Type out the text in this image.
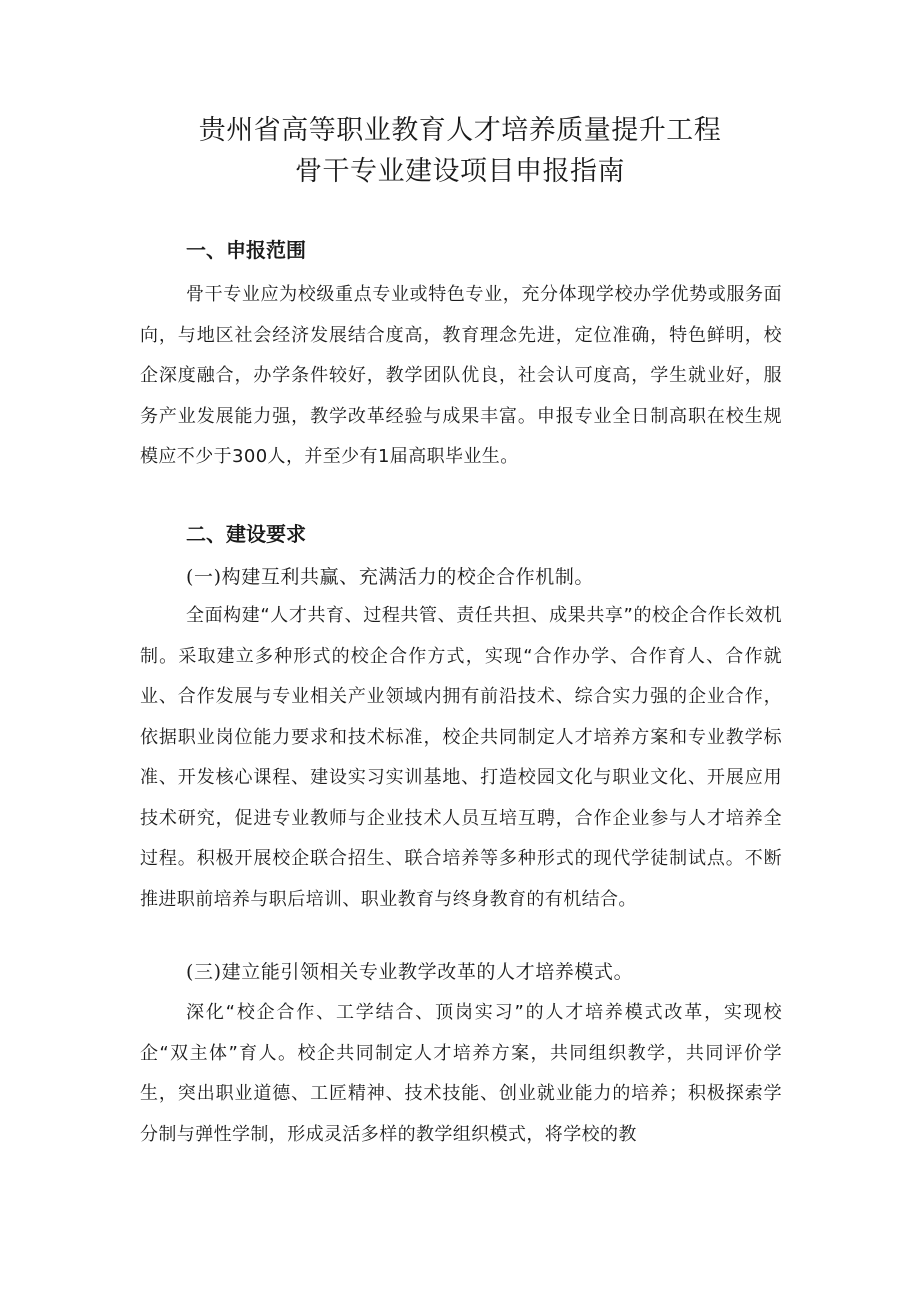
贵州省高等职业教育人才培养质量提升工程
骨干专业建设项目申报指南
一、申报范围

骨干专业应为校级重点专业或特色专业，充分体现学校办学优势或服务面向，与地区社会经济发展结合度高，教育理念先进，定位准确，特色鲜明，校企深度融合，办学条件较好，教学团队优良，社会认可度高，学生就业好，服务产业发展能力强，教学改革经验与成果丰富。申报专业全日制高职在校生规模应不少于300人，并至少有1届高职毕业生。

二、建设要求
(一)构建互利共赢、充满活力的校企合作机制。

全面构建“人才共育、过程共管、责任共担、成果共享”的校企合作长效机制。采取建立多种形式的校企合作方式，实现“合作办学、合作育人、合作就业、合作发展与专业相关产业领域内拥有前沿技术、综合实力强的企业合作，依据职业岗位能力要求和技术标准，校企共同制定人才培养方案和专业教学标准、开发核心课程、建设实习实训基地、打造校园文化与职业文化、开展应用技术研究，促进专业教师与企业技术人员互培互聘，合作企业参与人才培养全过程。积极开展校企联合招生、联合培养等多种形式的现代学徒制试点。不断推进职前培养与职后培训、职业教育与终身教育的有机结合。

(三)建立能引领相关专业教学改革的人才培养模式。

深化“校企合作、工学结合、顶岗实习”的人才培养模式改革，实现校企“双主体”育人。校企共同制定人才培养方案，共同组织教学，共同评价学生，突出职业道德、工匠精神、技术技能、创业就业能力的培养；积极探索学分制与弹性学制，形成灵活多样的教学组织模式，将学校的教
